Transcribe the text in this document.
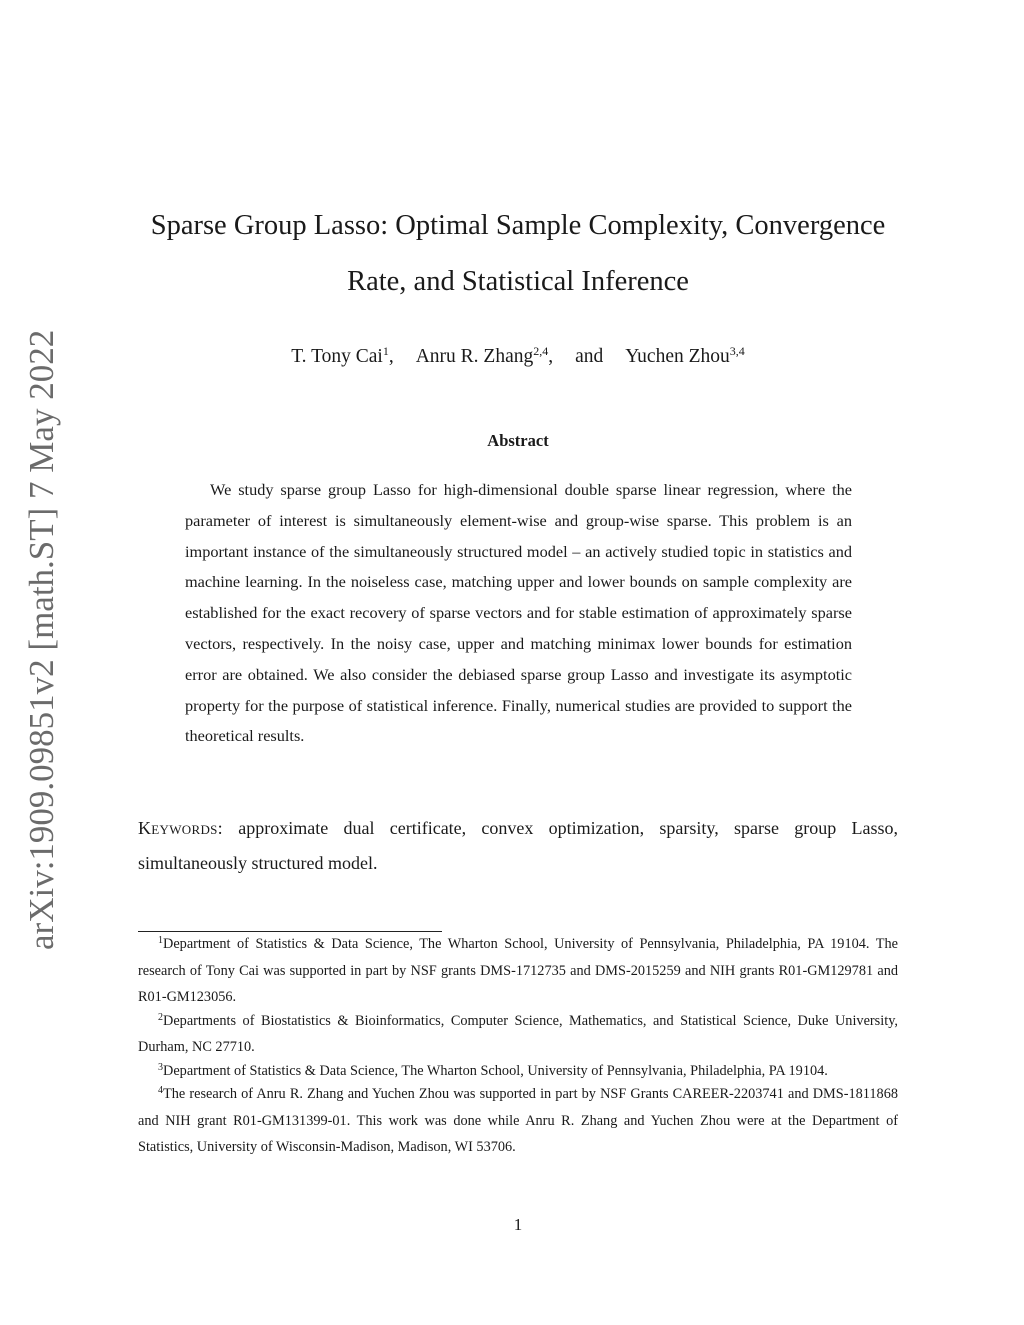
arXiv:1909.09851v2 [math.ST] 7 May 2022
Sparse Group Lasso: Optimal Sample Complexity, Convergence
Rate, and Statistical Inference
T. Tony Cai$^1$, Anru R. Zhang$^{2,4}$, and Yuchen Zhou$^{3,4}$
Abstract

We study sparse group Lasso for high-dimensional double sparse linear regression, where the parameter of interest is simultaneously element-wise and group-wise sparse. This problem is an important instance of the simultaneously structured model – an actively studied topic in statistics and machine learning. In the noiseless case, matching upper and lower bounds on sample complexity are established for the exact recovery of sparse vectors and for stable estimation of approximately sparse vectors, respectively. In the noisy case, upper and matching minimax lower bounds for estimation error are obtained. We also consider the debiased sparse group Lasso and investigate its asymptotic property for the purpose of statistical inference. Finally, numerical studies are provided to support the theoretical results.

Keywords: approximate dual certificate, convex optimization, sparsity, sparse group Lasso, simultaneously structured model.

$^1$Department of Statistics & Data Science, The Wharton School, University of Pennsylvania, Philadelphia, PA 19104. The research of Tony Cai was supported in part by NSF grants DMS-1712735 and DMS-2015259 and NIH grants R01-GM129781 and R01-GM123056.

$^2$Departments of Biostatistics & Bioinformatics, Computer Science, Mathematics, and Statistical Science, Duke University, Durham, NC 27710.

$^3$Department of Statistics & Data Science, The Wharton School, University of Pennsylvania, Philadelphia, PA 19104.

$^4$The research of Anru R. Zhang and Yuchen Zhou was supported in part by NSF Grants CAREER-2203741 and DMS-1811868 and NIH grant R01-GM131399-01. This work was done while Anru R. Zhang and Yuchen Zhou were at the Department of Statistics, University of Wisconsin-Madison, Madison, WI 53706.

1
